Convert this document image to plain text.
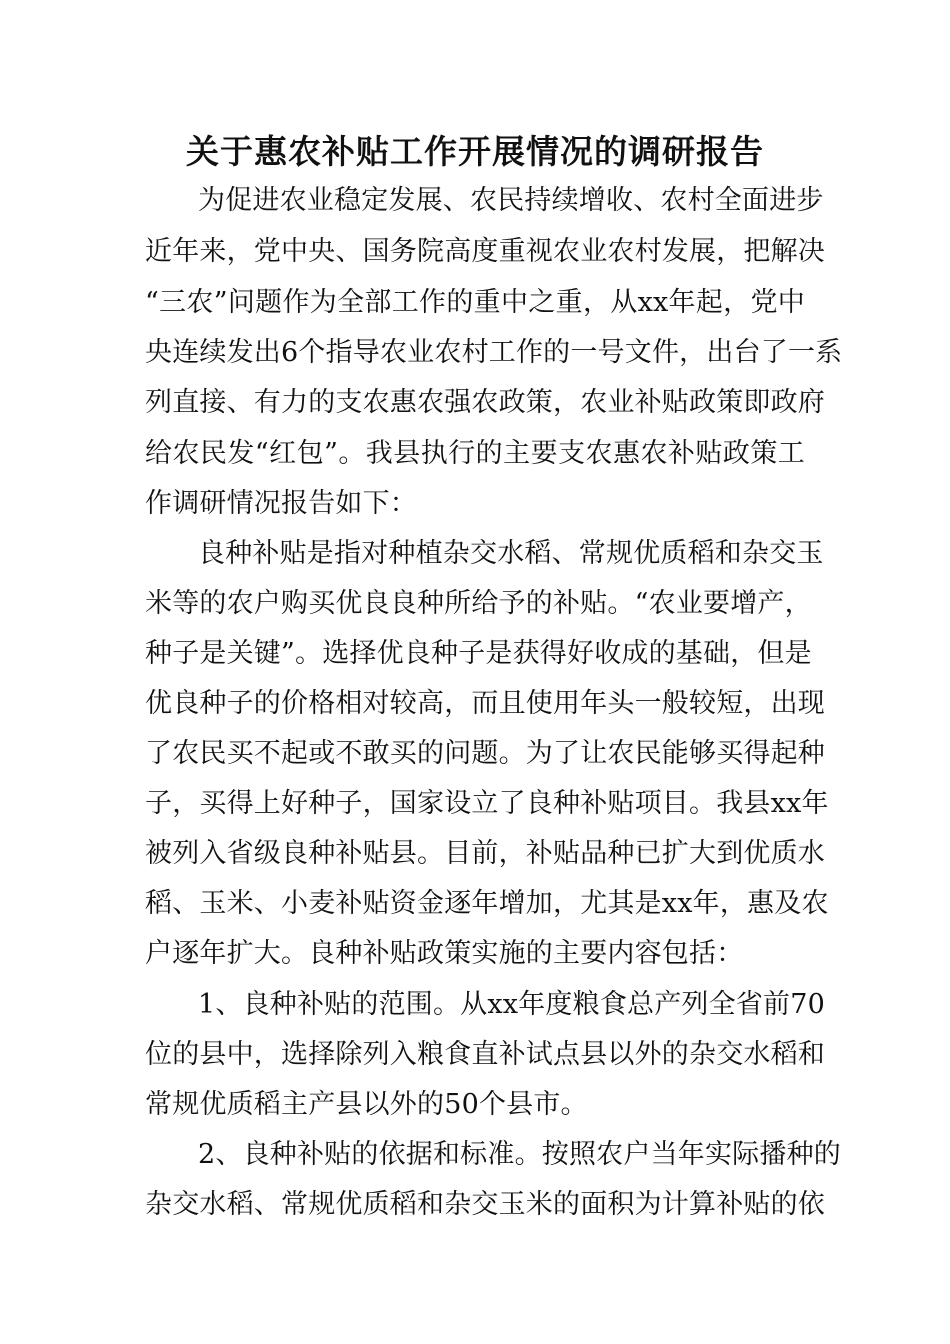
关于惠农补贴工作开展情况的调研报告
为促进农业稳定发展、农民持续增收、农村全面进步
近年来，党中央、国务院高度重视农业农村发展，把解决
“三农”问题作为全部工作的重中之重，从xx年起，党中
央连续发出6个指导农业农村工作的一号文件，出台了一系
列直接、有力的支农惠农强农政策，农业补贴政策即政府
给农民发“红包”。我县执行的主要支农惠农补贴政策工
作调研情况报告如下：
良种补贴是指对种植杂交水稻、常规优质稻和杂交玉
米等的农户购买优良良种所给予的补贴。“农业要增产，
种子是关键”。选择优良种子是获得好收成的基础，但是
优良种子的价格相对较高，而且使用年头一般较短，出现
了农民买不起或不敢买的问题。为了让农民能够买得起种
子，买得上好种子，国家设立了良种补贴项目。我县xx年
被列入省级良种补贴县。目前，补贴品种已扩大到优质水
稻、玉米、小麦补贴资金逐年增加，尤其是xx年，惠及农
户逐年扩大。良种补贴政策实施的主要内容包括：
1、良种补贴的范围。从xx年度粮食总产列全省前70
位的县中，选择除列入粮食直补试点县以外的杂交水稻和
常规优质稻主产县以外的50个县市。
2、良种补贴的依据和标准。按照农户当年实际播种的
杂交水稻、常规优质稻和杂交玉米的面积为计算补贴的依
